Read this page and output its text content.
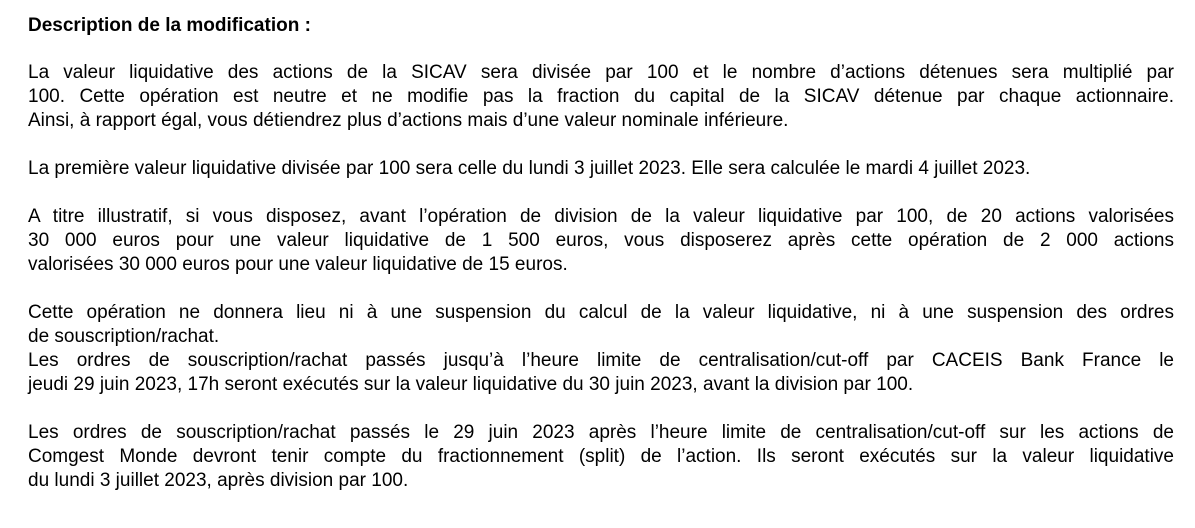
Description de la modification :
La valeur liquidative des actions de la SICAV sera divisée par 100 et le nombre d’actions détenues sera multiplié par
100. Cette opération est neutre et ne modifie pas la fraction du capital de la SICAV détenue par chaque actionnaire.
Ainsi, à rapport égal, vous détiendrez plus d’actions mais d’une valeur nominale inférieure.
La première valeur liquidative divisée par 100 sera celle du lundi 3 juillet 2023. Elle sera calculée le mardi 4 juillet 2023.
A titre illustratif, si vous disposez, avant l’opération de division de la valeur liquidative par 100, de 20 actions valorisées
30 000 euros pour une valeur liquidative de 1 500 euros, vous disposerez après cette opération de 2 000 actions
valorisées 30 000 euros pour une valeur liquidative de 15 euros.
Cette opération ne donnera lieu ni à une suspension du calcul de la valeur liquidative, ni à une suspension des ordres
de souscription/rachat.
Les ordres de souscription/rachat passés jusqu’à l’heure limite de centralisation/cut-off par CACEIS Bank France le
jeudi 29 juin 2023, 17h seront exécutés sur la valeur liquidative du 30 juin 2023, avant la division par 100.
Les ordres de souscription/rachat passés le 29 juin 2023 après l’heure limite de centralisation/cut-off sur les actions de
Comgest Monde devront tenir compte du fractionnement (split) de l’action. Ils seront exécutés sur la valeur liquidative
du lundi 3 juillet 2023, après division par 100.
